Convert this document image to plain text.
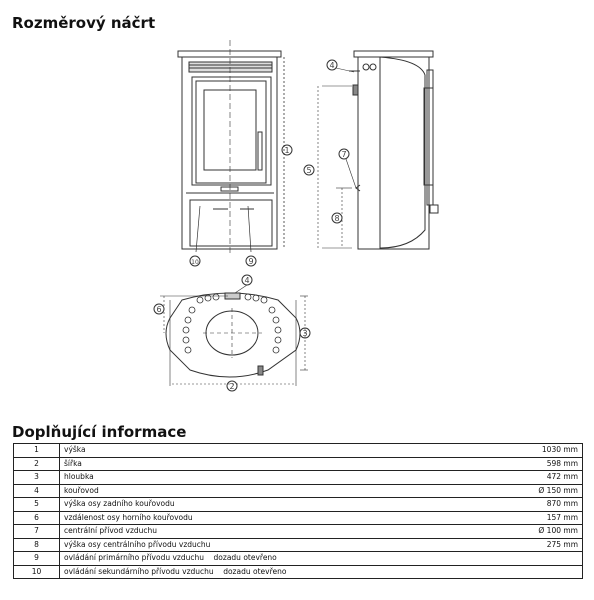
Rozměrový náčrt
1
2
3
4
4
5
6
7
8
9
10
Doplňující informace
1	výška	1030 mm
2	šířka	598 mm
3	hloubka	472 mm
4	kouřovod	Ø 150 mm
5	výška osy zadního kouřovodu	870 mm
6	vzdálenost osy horního kouřovodu	157 mm
7	centrální přívod vzduchu	Ø 100 mm
8	výška osy centrálního přívodu vzduchu	275 mm
9	ovládání primárního přívodu vzduchu    dozadu otevřeno	
10	ovládání sekundárního přívodu vzduchu    dozadu otevřeno	
